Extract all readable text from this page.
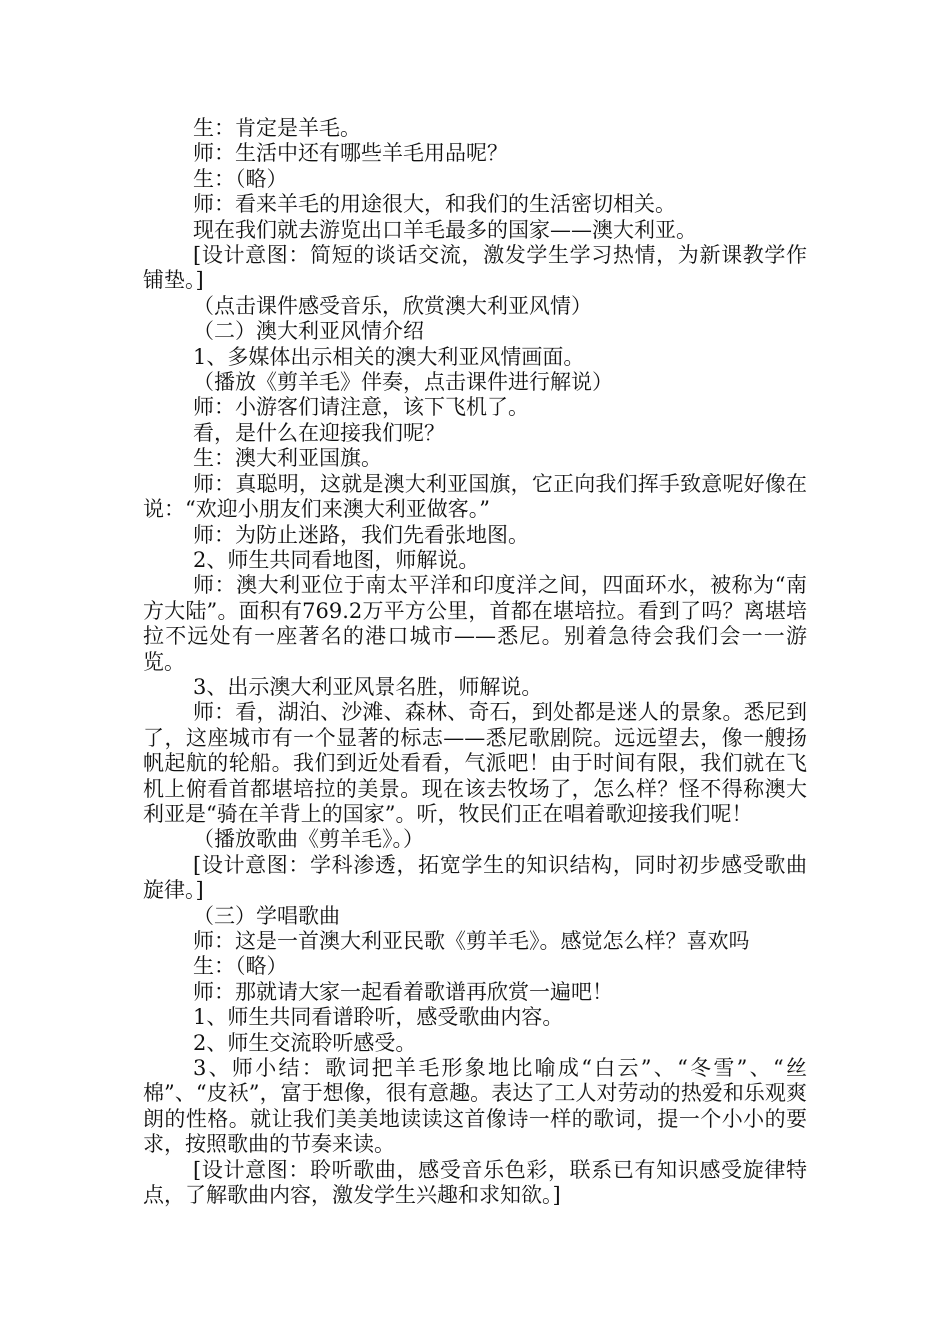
生：肯定是羊毛。

师：生活中还有哪些羊毛用品呢？

生：（略）

师：看来羊毛的用途很大，和我们的生活密切相关。

现在我们就去游览出口羊毛最多的国家——澳大利亚。

[设计意图：简短的谈话交流，激发学生学习热情，为新课教学作铺垫。]

（点击课件感受音乐，欣赏澳大利亚风情）

（二）澳大利亚风情介绍

1、多媒体出示相关的澳大利亚风情画面。

（播放《剪羊毛》伴奏，点击课件进行解说）

师：小游客们请注意，该下飞机了。

看，是什么在迎接我们呢？

生：澳大利亚国旗。

师：真聪明，这就是澳大利亚国旗，它正向我们挥手致意呢好像在说：“欢迎小朋友们来澳大利亚做客。”

师：为防止迷路，我们先看张地图。

2、师生共同看地图，师解说。

师：澳大利亚位于南太平洋和印度洋之间，四面环水，被称为“南方大陆”。面积有769.2万平方公里，首都在堪培拉。看到了吗？离堪培拉不远处有一座著名的港口城市——悉尼。别着急待会我们会一一游览。

3、出示澳大利亚风景名胜，师解说。

师：看，湖泊、沙滩、森林、奇石，到处都是迷人的景象。悉尼到了，这座城市有一个显著的标志——悉尼歌剧院。远远望去，像一艘扬帆起航的轮船。我们到近处看看，气派吧！由于时间有限，我们就在飞机上俯看首都堪培拉的美景。现在该去牧场了，怎么样？怪不得称澳大利亚是“骑在羊背上的国家”。听，牧民们正在唱着歌迎接我们呢！

（播放歌曲《剪羊毛》。）

[设计意图：学科渗透，拓宽学生的知识结构，同时初步感受歌曲旋律。]

（三）学唱歌曲

师：这是一首澳大利亚民歌《剪羊毛》。感觉怎么样？喜欢吗

生：（略）

师：那就请大家一起看着歌谱再欣赏一遍吧！

1、师生共同看谱聆听，感受歌曲内容。

2、师生交流聆听感受。

3、师小结：歌词把羊毛形象地比喻成“白云”、“冬雪”、“丝棉”、“皮袄”，富于想像，很有意趣。表达了工人对劳动的热爱和乐观爽朗的性格。就让我们美美地读读这首像诗一样的歌词，提一个小小的要求，按照歌曲的节奏来读。

[设计意图：聆听歌曲，感受音乐色彩，联系已有知识感受旋律特点，了解歌曲内容，激发学生兴趣和求知欲。]
